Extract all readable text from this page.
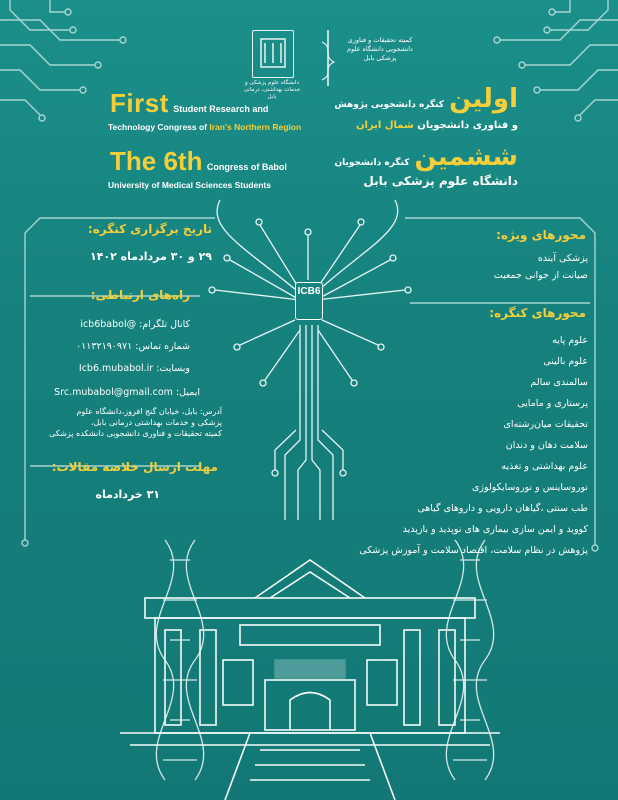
دانشگاه علوم پزشکی و خدمات بهداشتی، درمانی بابل
کمیته تحقیقات و فناوری دانشجویی دانشگاه علوم پزشکی بابل
First Student Research and
Technology Congress of Iran's Northern Region
اولین کنگره دانشجویی پژوهش
و فناوری دانشجویان شمال ایران
The 6th Congress of Babol
University of Medical Sciences Students
ششمین کنگره دانشجویان
دانشگاه علوم پزشکی بابل
ICB6
تاریخ برگزاری کنگره:
۲۹ و ۳۰ مردادماه ۱۴۰۲
راه‌های ارتباطی:
کانال تلگرام: @icb6babol
شماره تماس: ۰۱۱۳۲۱۹۰۹۷۱
وبسایت: Icb6.mubabol.ir
ایمیل: Src.mubabol@gmail.com
آدرس: بابل، خیابان گنج افروز،دانشگاه علوم
پزشکی و خدمات بهداشتی درمانی بابل،
کمیته تحقیقات و فناوری دانشجویی دانشکده پزشکی
مهلت ارسال خلاصه مقالات:
۳۱ خردادماه
محورهای ویژه:
پزشکی آینده
صیانت از جوانی جمعیت
محورهای کنگره:
علوم پایه
علوم بالینی
سالمندی سالم
پرستاری و مامایی
تحقیقات میان‌رشته‌ای
سلامت دهان و دندان
علوم بهداشتی و تغذیه
نوروساینس و نوروسایکولوژی
طب سنتی ،گیاهان دارویی و داروهای گیاهی
کووید و ایمن سازی بیماری های نوپدید و بازپدید
پژوهش در نظام سلامت، اقتصاد سلامت و آموزش پزشکی
